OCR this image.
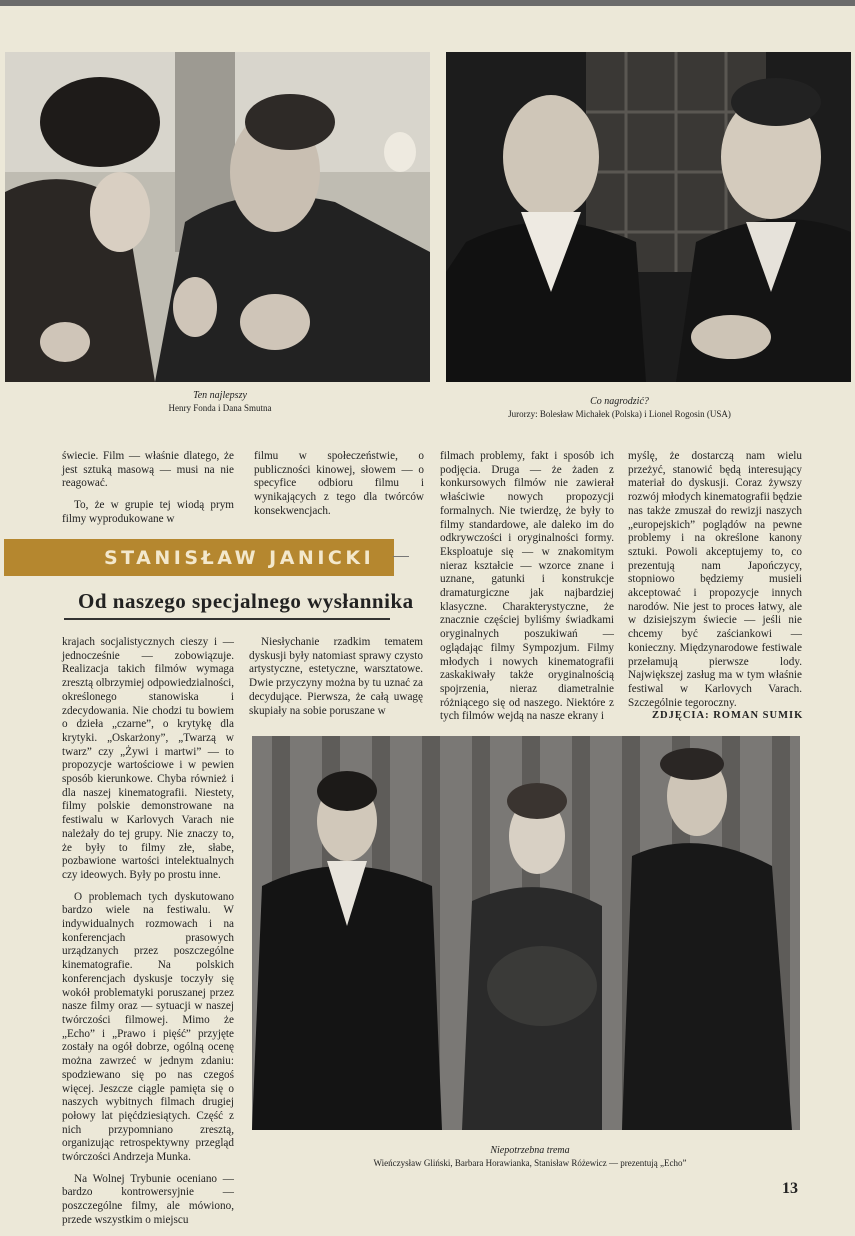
Ten najlepszy
Henry Fonda i Dana Smutna
Co nagrodzić?
Jurorzy: Bolesław Michałek (Polska) i Lionel Rogosin (USA)

świecie. Film — właśnie dlatego, że jest sztuką masową — musi na nie reagować.

To, że w grupie tej wiodą prym filmy wyprodukowane w

filmu w społeczeństwie, o publiczności kinowej, słowem — o specyfice odbioru filmu i wynikających z tego dla twórców konsekwencjach.

filmach problemy, fakt i sposób ich podjęcia. Druga — że żaden z konkursowych filmów nie zawierał właściwie nowych propozycji formalnych. Nie twierdzę, że były to filmy standardowe, ale daleko im do odkrywczości i oryginalności formy. Eksploatuje się — w znakomitym nieraz kształcie — wzorce znane i uznane, gatunki i konstrukcje dramaturgiczne jak najbardziej klasyczne. Charakterystyczne, że znacznie częściej byliśmy świadkami oryginalnych poszukiwań — oglądając filmy Sympozjum. Filmy młodych i nowych kinematografii zaskakiwały także oryginalnością spojrzenia, nieraz diametralnie różniącego się od naszego. Niektóre z tych filmów wejdą na nasze ekrany i

myślę, że dostarczą nam wielu przeżyć, stanowić będą interesujący materiał do dyskusji. Coraz żywszy rozwój młodych kinematografii będzie nas także zmuszał do rewizji naszych „europejskich” poglądów na pewne problemy i na określone kanony sztuki. Powoli akceptujemy to, co prezentują nam Japończycy, stopniowo będziemy musieli akceptować i propozycje innych narodów. Nie jest to proces łatwy, ale w dzisiejszym świecie — jeśli nie chcemy być zaściankowi — konieczny. Międzynarodowe festiwale przełamują pierwsze lody. Największej zasług ma w tym właśnie festiwal w Karlovych Varach. Szczególnie tegoroczny.

ZDJĘCIA: ROMAN SUMIK
STANISŁAW JANICKI
Od naszego specjalnego wysłannika

krajach socjalistycznych cieszy i — jednocześnie — zobowiązuje. Realizacja takich filmów wymaga zresztą olbrzymiej odpowiedzialności, określonego stanowiska i zdecydowania. Nie chodzi tu bowiem o dzieła „czarne”, o krytykę dla krytyki. „Oskarżony”, „Twarzą w twarz” czy „Żywi i martwi” — to propozycje wartościowe i w pewien sposób kierunkowe. Chyba również i dla naszej kinematografii. Niestety, filmy polskie demonstrowane na festiwalu w Karlovych Varach nie należały do tej grupy. Nie znaczy to, że były to filmy złe, słabe, pozbawione wartości intelektualnych czy ideowych. Były po prostu inne.

O problemach tych dyskutowano bardzo wiele na festiwalu. W indywidualnych rozmowach i na konferencjach prasowych urządzanych przez poszczególne kinematografie. Na polskich konferencjach dyskusje toczyły się wokół problematyki poruszanej przez nasze filmy oraz — sytuacji w naszej twórczości filmowej. Mimo że „Echo” i „Prawo i pięść” przyjęte zostały na ogół dobrze, ogólną ocenę można zawrzeć w jednym zdaniu: spodziewano się po nas czegoś więcej. Jeszcze ciągle pamięta się o naszych wybitnych filmach drugiej połowy lat pięćdziesiątych. Część z nich przypomniano zresztą, organizując retrospektywny przegląd twórczości Andrzeja Munka.

Na Wolnej Trybunie oceniano — bardzo kontrowersyjnie — poszczególne filmy, ale mówiono, przede wszystkim o miejscu

Niesłychanie rzadkim tematem dyskusji były natomiast sprawy czysto artystyczne, estetyczne, warsztatowe. Dwie przyczyny można by tu uznać za decydujące. Pierwsza, że całą uwagę skupiały na sobie poruszane w

Niepotrzebna trema
Wieńczysław Gliński, Barbara Horawianka, Stanisław Różewicz — prezentują „Echo”
13
